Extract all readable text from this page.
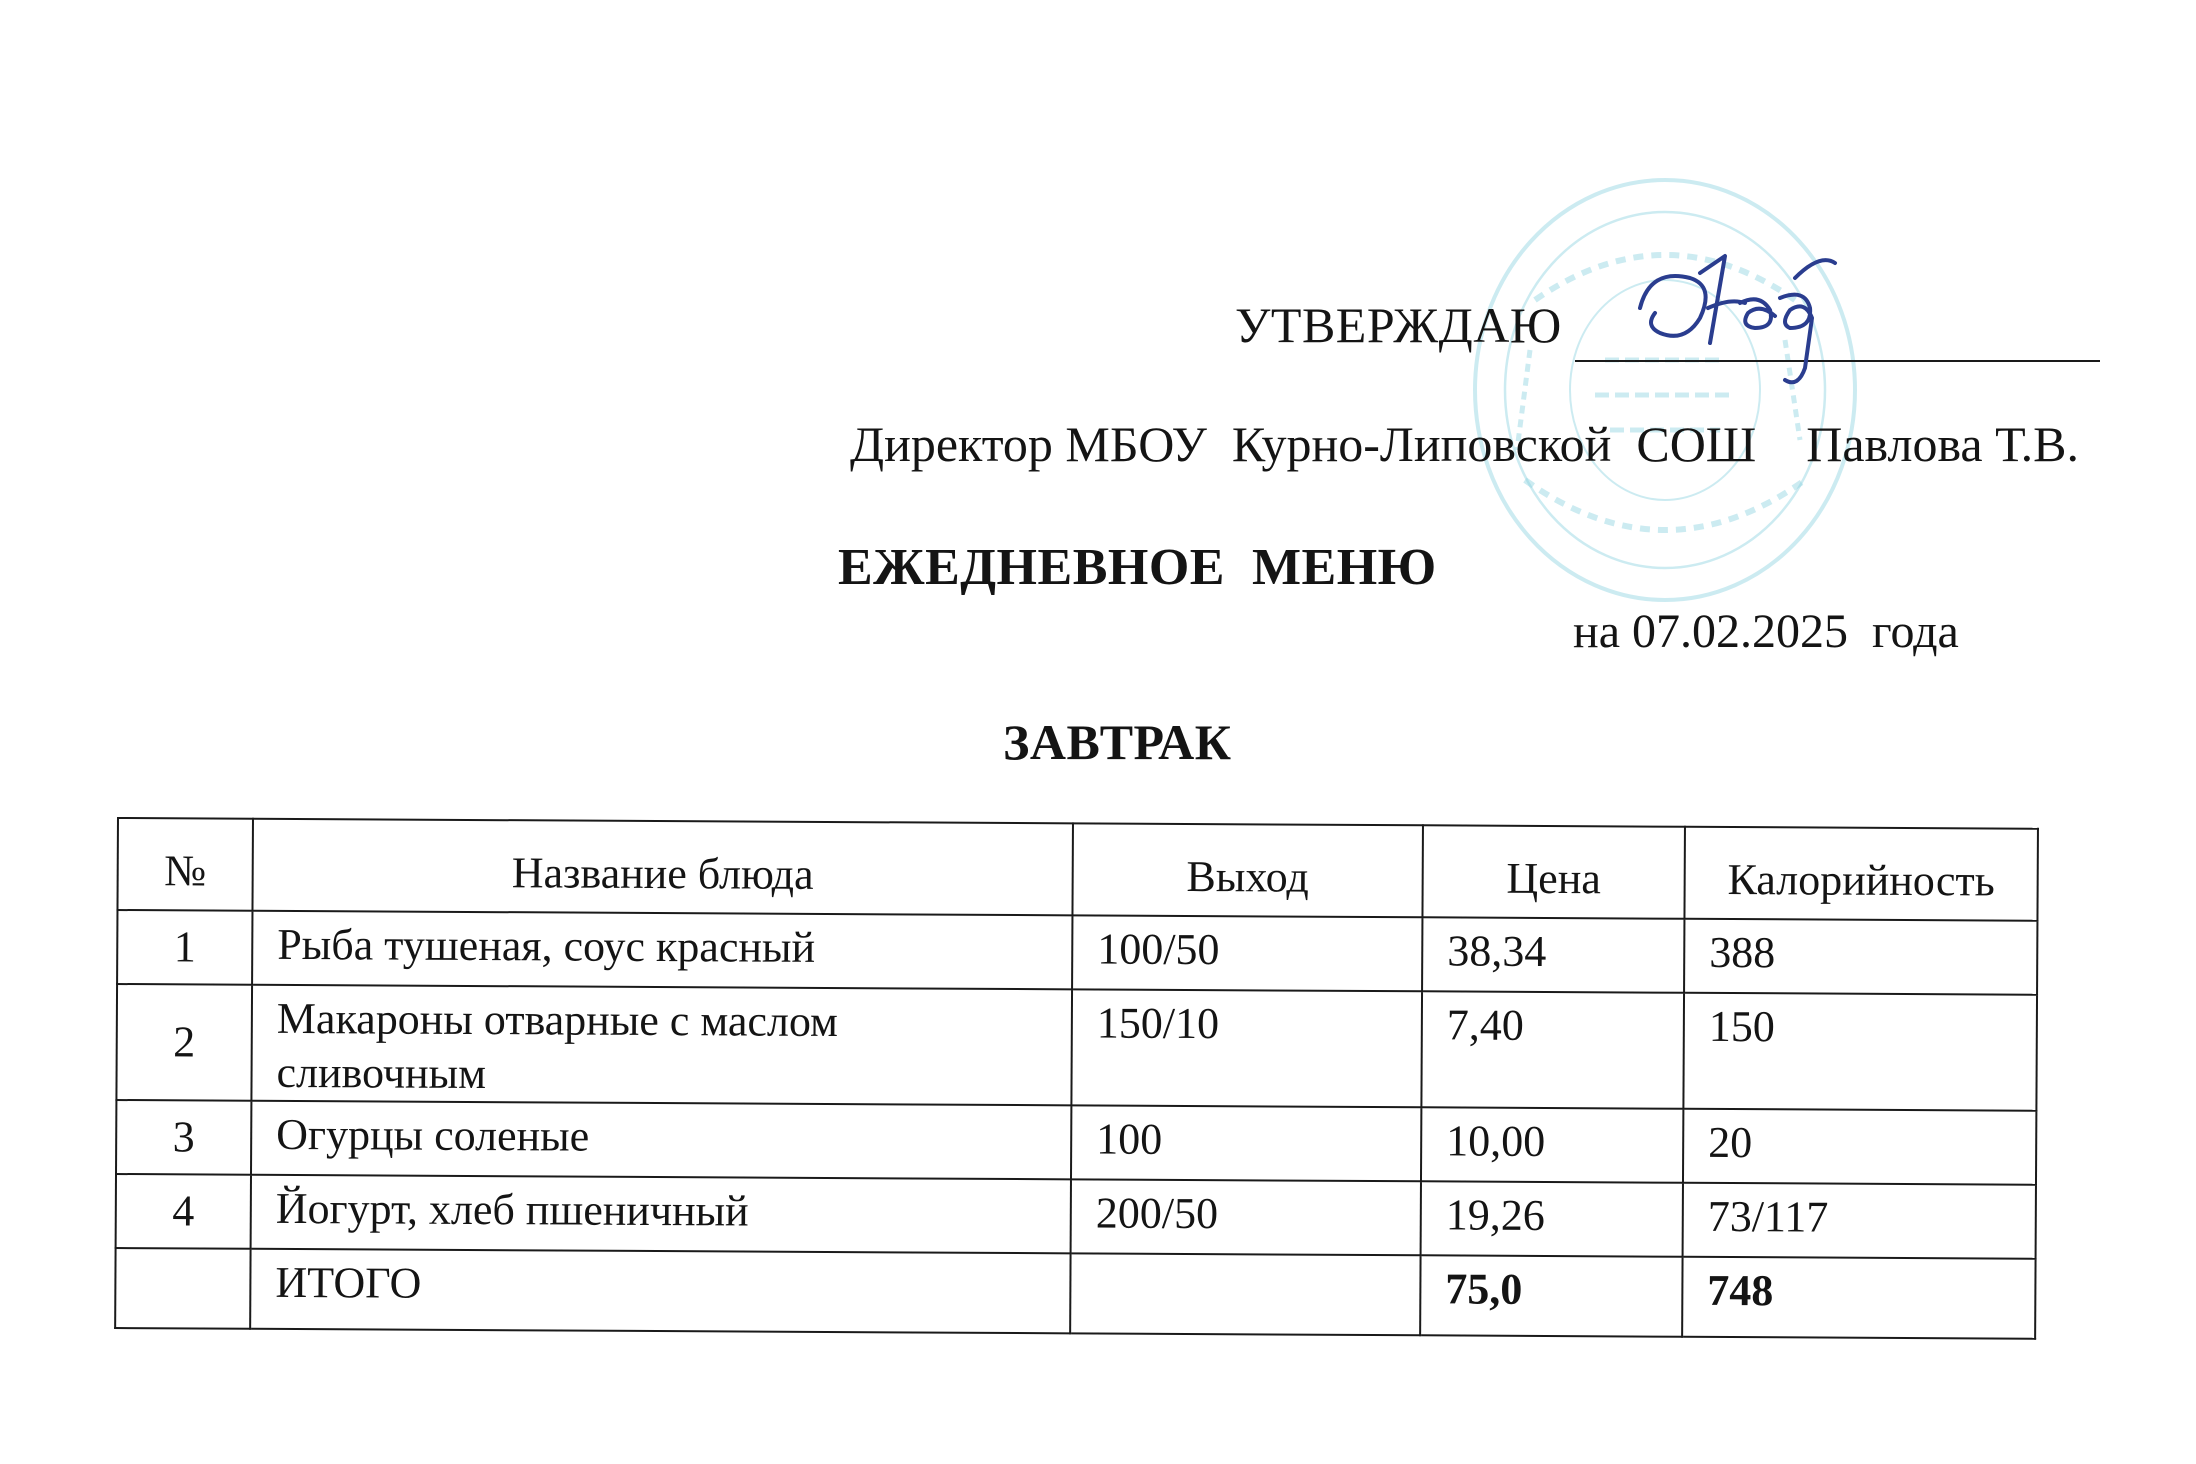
УТВЕРЖДАЮ
Директор МБОУ  Курно-Липовской  СОШ    Павлова Т.В.
ЕЖЕДНЕВНОЕ  МЕНЮ
на 07.02.2025  года
ЗАВТРАК
№	Название блюда	Выход	Цена	Калорийность
1	Рыба тушеная, соус красный	100/50	38,34	388
2	Макароны отварные с маслом сливочным	150/10	7,40	150
3	Огурцы соленые	100	10,00	20
4	Йогурт, хлеб пшеничный	200/50	19,26	73/117
	ИТОГО		75,0	748
